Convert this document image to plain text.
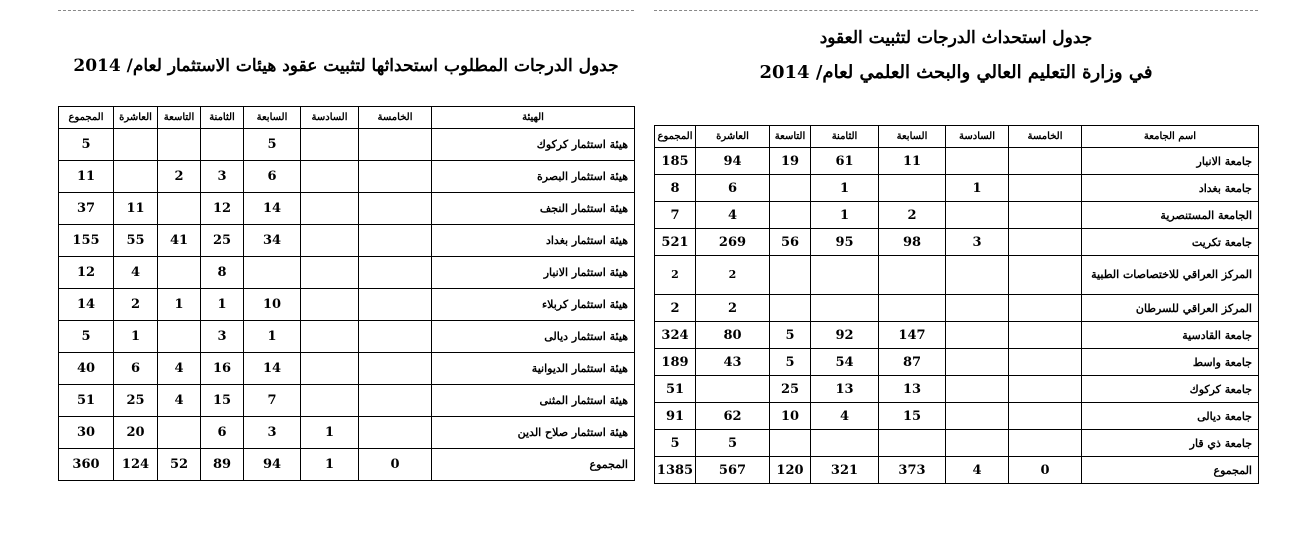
جدول الدرجات المطلوب استحداثها لتثبيت عقود هيئات الاستثمار لعام/ 2014
جدول استحداث الدرجات لتثبيت العقود
في وزارة التعليم العالي والبحث العلمي لعام/ 2014
الهيئة	الخامسة	السادسة	السابعة	الثامنة	التاسعة	العاشرة	المجموع
هيئة استثمار كركوك			5				5
هيئة استثمار البصرة			6	3	2		11
هيئة استثمار النجف			14	12		11	37
هيئة استثمار بغداد			34	25	41	55	155
هيئة استثمار الانبار				8		4	12
هيئة استثمار كربلاء			10	1	1	2	14
هيئة استثمار ديالى			1	3		1	5
هيئة استثمار الديوانية			14	16	4	6	40
هيئة استثمار المثنى			7	15	4	25	51
هيئة استثمار صلاح الدين		1	3	6		20	30
المجموع	0	1	94	89	52	124	360
اسم الجامعة	الخامسة	السادسة	السابعة	الثامنة	التاسعة	العاشرة	المجموع
جامعة الانبار			11	61	19	94	185
جامعة بغداد		1		1		6	8
الجامعة المستنصرية			2	1		4	7
جامعة تكريت		3	98	95	56	269	521
المركز العراقي للاختصاصات الطبية						2	2
المركز العراقي للسرطان						2	2
جامعة القادسية			147	92	5	80	324
جامعة واسط			87	54	5	43	189
جامعة كركوك			13	13	25		51
جامعة ديالى			15	4	10	62	91
جامعة ذي قار						5	5
المجموع	0	4	373	321	120	567	1385
